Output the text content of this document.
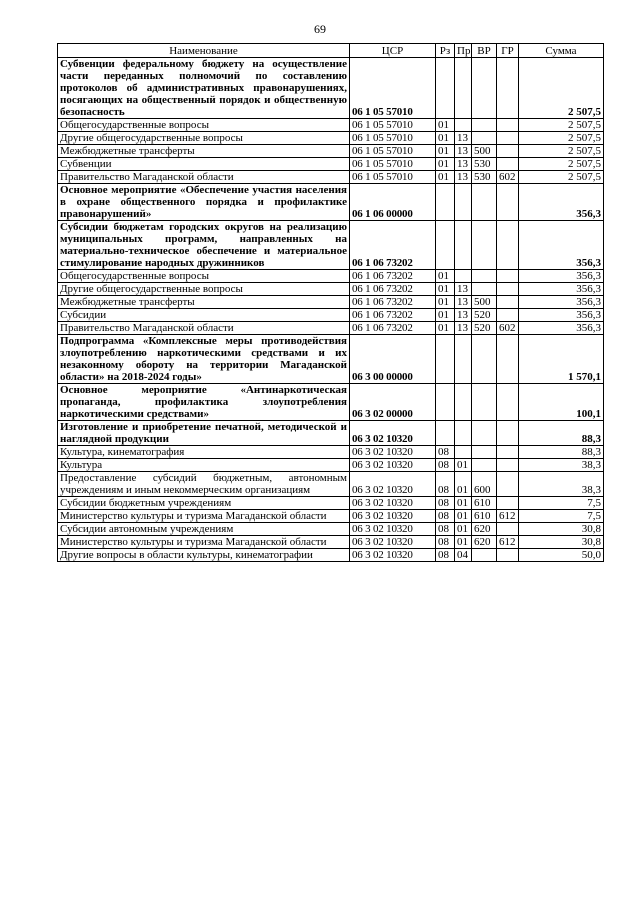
69
Наименование	ЦСР	Рз	Пр	ВР	ГР	Сумма
Субвенции федеральному бюджету на осуществление части переданных полномочий по составлению протоколов об административных правонарушениях, посягающих на общественный порядок и общественную безопасность	06 1 05 57010					2 507,5
Общегосударственные вопросы	06 1 05 57010	01				2 507,5
Другие общегосударственные вопросы	06 1 05 57010	01	13			2 507,5
Межбюджетные трансферты	06 1 05 57010	01	13	500		2 507,5
Субвенции	06 1 05 57010	01	13	530		2 507,5
Правительство Магаданской области	06 1 05 57010	01	13	530	602	2 507,5
Основное мероприятие «Обеспечение участия населения в охране общественного порядка и профилактике правонарушений»	06 1 06 00000					356,3
Субсидии бюджетам городских округов на реализацию муниципальных программ, направленных на материально-техническое обеспечение и материальное стимулирование народных дружинников	06 1 06 73202					356,3
Общегосударственные вопросы	06 1 06 73202	01				356,3
Другие общегосударственные вопросы	06 1 06 73202	01	13			356,3
Межбюджетные трансферты	06 1 06 73202	01	13	500		356,3
Субсидии	06 1 06 73202	01	13	520		356,3
Правительство Магаданской области	06 1 06 73202	01	13	520	602	356,3
Подпрограмма «Комплексные меры противодействия злоупотреблению наркотическими средствами и их незаконному обороту на территории Магаданской области» на 2018-2024 годы»	06 3 00 00000					1 570,1
Основное мероприятие «Антинаркотическая пропаганда, профилактика злоупотребления наркотическими средствами»	06 3 02 00000					100,1
Изготовление и приобретение печатной, методической и наглядной продукции	06 3 02 10320					88,3
Культура, кинематография	06 3 02 10320	08				88,3
Культура	06 3 02 10320	08	01			38,3
Предоставление субсидий бюджетным, автономным учреждениям и иным некоммерческим организациям	06 3 02 10320	08	01	600		38,3
Субсидии бюджетным учреждениям	06 3 02 10320	08	01	610		7,5
Министерство культуры и туризма Магаданской области	06 3 02 10320	08	01	610	612	7,5
Субсидии автономным учреждениям	06 3 02 10320	08	01	620		30,8
Министерство культуры и туризма Магаданской области	06 3 02 10320	08	01	620	612	30,8
Другие вопросы в области культуры, кинематографии	06 3 02 10320	08	04			50,0
